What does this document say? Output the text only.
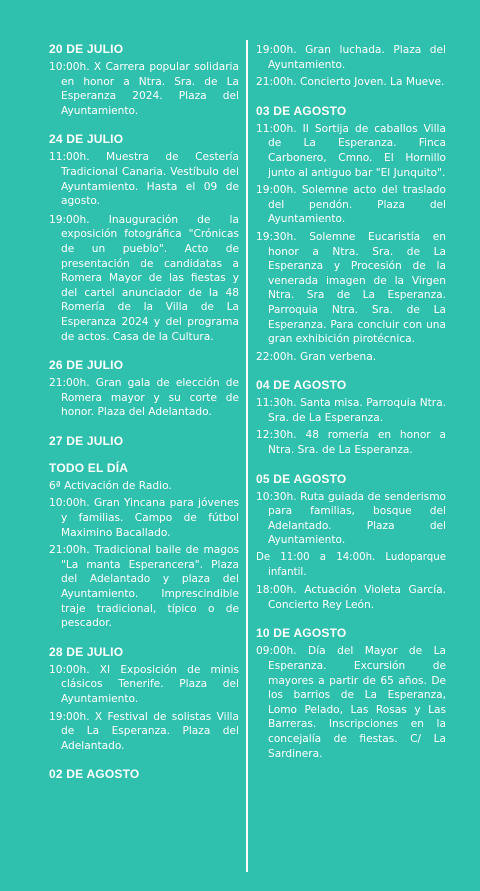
20 DE JULIO

10:00h. X Carrera popular solidaria en honor a Ntra. Sra. de La Esperanza 2024. Plaza del Ayuntamiento.

24 DE JULIO

11:00h. Muestra de Cestería Tradicional Canaria. Vestíbulo del Ayuntamiento. Hasta el 09 de agosto.

19:00h. Inauguración de la exposición fotográfica "Crónicas de un pueblo". Acto de presentación de candidatas a Romera Mayor de las fiestas y del cartel anunciador de la 48 Romería de la Villa de La Esperanza 2024 y del programa de actos. Casa de la Cultura.

26 DE JULIO

21:00h. Gran gala de elección de Romera mayor y su corte de honor. Plaza del Adelantado.

27 DE JULIO

TODO EL DÍA

6ª Activación de Radio.

10:00h. Gran Yincana para jóvenes y familias. Campo de fútbol Maximino Bacallado.

21:00h. Tradicional baile de magos "La manta Esperancera". Plaza del Adelantado y plaza del Ayuntamiento. Imprescindible traje tradicional, típico o de pescador.

28 DE JULIO

10:00h. XI Exposición de minis clásicos Tenerife. Plaza del Ayuntamiento.

19:00h. X Festival de solistas Villa de La Esperanza. Plaza del Adelantado.

02 DE AGOSTO

19:00h. Gran luchada. Plaza del Ayuntamiento.

21:00h. Concierto Joven. La Mueve.

03 DE AGOSTO

11:00h. II Sortija de caballos Villa de La Esperanza. Finca Carbonero, Cmno. El Hornillo junto al antiguo bar "El Junquito".

19:00h. Solemne acto del traslado del pendón. Plaza del Ayuntamiento.

19:30h. Solemne Eucaristía en honor a Ntra. Sra. de La Esperanza y Procesión de la venerada imagen de la Virgen Ntra. Sra de La Esperanza. Parroquia Ntra. Sra. de La Esperanza. Para concluir con una gran exhibición pirotécnica.

22:00h. Gran verbena.

04 DE AGOSTO

11:30h. Santa misa. Parroquia Ntra. Sra. de La Esperanza.

12:30h. 48 romería en honor a Ntra. Sra. de La Esperanza.

05 DE AGOSTO

10:30h. Ruta guiada de senderismo para familias, bosque del Adelantado. Plaza del Ayuntamiento.

De 11:00 a 14:00h. Ludoparque infantil.

18:00h. Actuación Violeta García. Concierto Rey León.

10 DE AGOSTO

09:00h. Día del Mayor de La Esperanza. Excursión de mayores a partir de 65 años. De los barrios de La Esperanza, Lomo Pelado, Las Rosas y Las Barreras. Inscripciones en la concejalía de fiestas. C/ La Sardinera.
